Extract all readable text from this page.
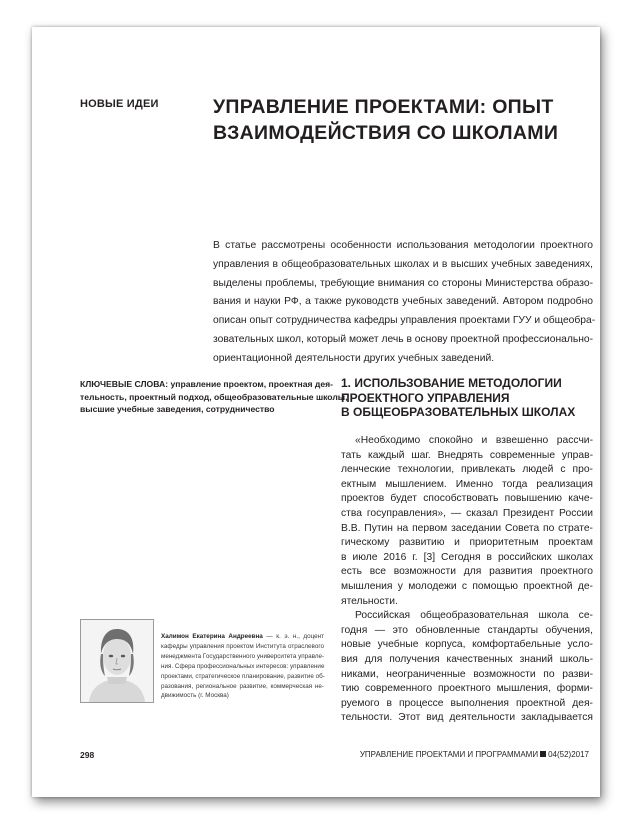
НОВЫЕ ИДЕИ	УПРАВЛЕНИЕ ПРОЕКТАМИ: ОПЫТ
ВЗАИМОДЕЙСТВИЯ СО ШКОЛАМИ
В статье рассмотрены особенности использования методологии проектного
управления в общеобразовательных школах и в высших учебных заведениях,
выделены проблемы, требующие внимания со стороны Министерства образо-
вания и науки РФ, а также руководств учебных заведений. Автором подробно
описан опыт сотрудничества кафедры управления проектами ГУУ и общеобра-
зовательных школ, который может лечь в основу проектной профессионально-
ориентационной деятельности других учебных заведений.
КЛЮЧЕВЫЕ СЛОВА: управление проектом, проектная дея-
тельность, проектный подход, общеобразовательные школы,
высшие учебные заведения, сотрудничество
1. ИСПОЛЬЗОВАНИЕ МЕТОДОЛОГИИ
ПРОЕКТНОГО УПРАВЛЕНИЯ
В ОБЩЕОБРАЗОВАТЕЛЬНЫХ ШКОЛАХ
«Необходимо спокойно и взвешенно рассчи-
тать каждый шаг. Внедрять современные управ-
ленческие технологии, привлекать людей с про-
ектным мышлением. Именно тогда реализация
проектов будет способствовать повышению каче-
ства госуправления», — сказал Президент России
В.В. Путин на первом заседании Совета по страте-
гическому развитию и приоритетным проектам
в июле 2016 г. [3] Сегодня в российских школах
есть все возможности для развития проектного
мышления у молодежи с помощью проектной де-
ятельности.
Российская общеобразовательная школа се-
годня — это обновленные стандарты обучения,
новые учебные корпуса, комфортабельные усло-
вия для получения качественных знаний школь-
никами, неограниченные возможности по разви-
тию современного проектного мышления, форми-
руемого в процессе выполнения проектной дея-
тельности. Этот вид деятельности закладывается
Халимон Екатерина Андреевна — к. э. н., доцент
кафедры управления проектом Института отраслевого
менеджмента Государственного университета управле-
ния. Сфера профессиональных интересов: управление
проектами, стратегическое планирование, развитие об-
разования, региональное развитие, коммерческая не-
движимость (г. Москва)
298	УПРАВЛЕНИЕ ПРОЕКТАМИ И ПРОГРАММАМИ 04(52)2017
